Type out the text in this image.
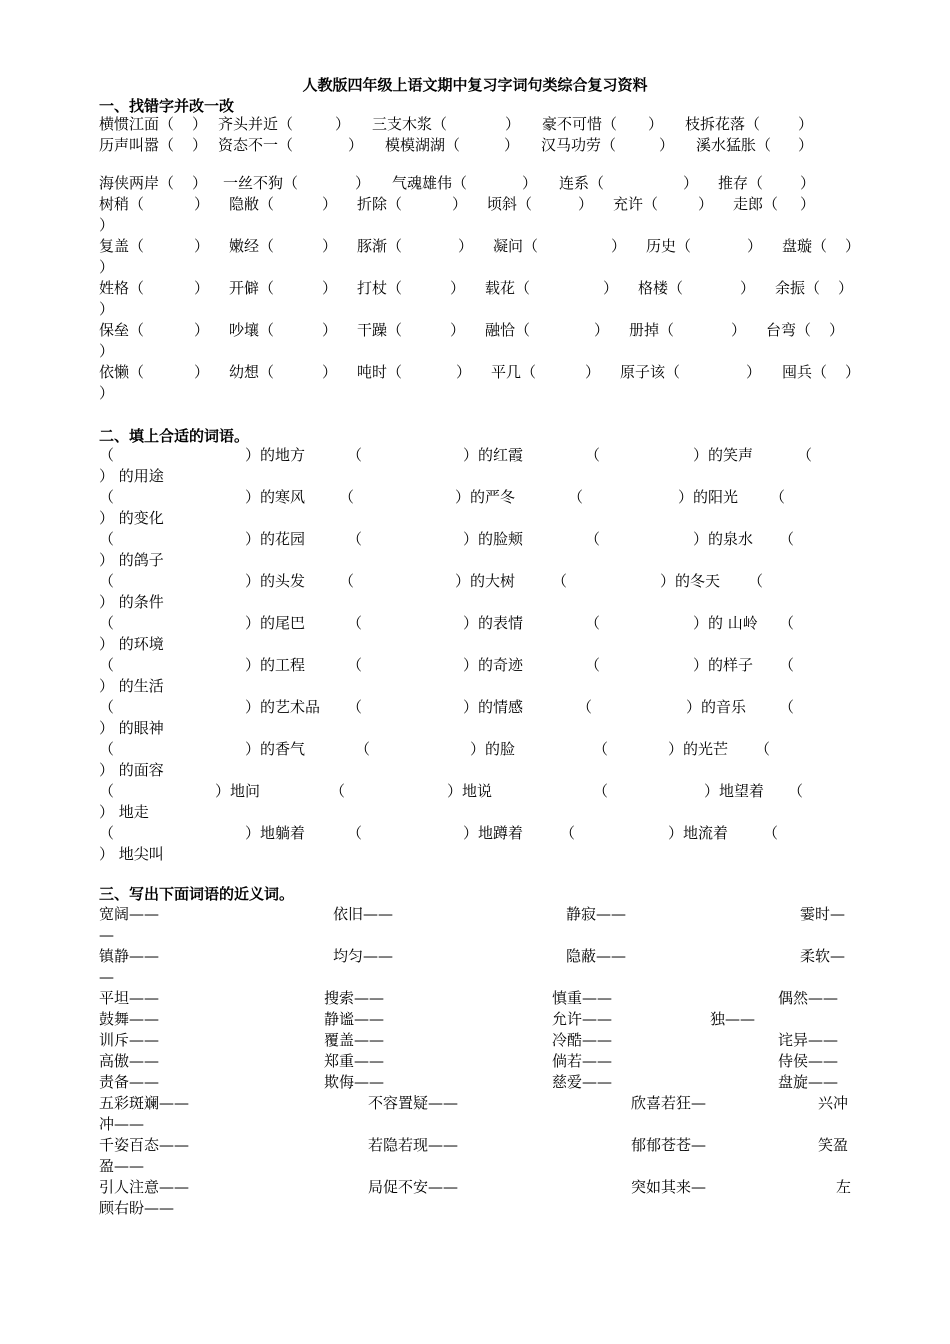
人教版四年级上语文期中复习字词句类综合复习资料
一、找错字并改一改
横惯江面（ ） 齐头并近（	） 三支木浆（	） 豪不可惜（ ） 枝拆花落（	）
历声叫嚣（ ） 资态不一（	） 模模湖湖（	） 汉马功劳（	） 溪水猛胀（ ）
海侠两岸（ ） 一丝不狗（	） 气魂雄伟（	） 连系（	） 推存（ ）
）
树稍（	） 隐敝（	） 折除（	） 顷斜（	） 充许（	） 走郎（ ）
）
复盖（	） 嫩经（	） 豚渐（	） 凝问（	） 历史（	） 盘璇（ ）
）
姓格（	） 开僻（	） 打杖（	） 载花（	） 格楼（	） 余振（ ）
）
保垒（	） 吵壤（	） 干躁（	） 融恰（	） 册掉（	） 台弯（ ）
）
依懒（	） 幼想（	） 吨时（	） 平几（	） 原子该（	） 囤兵（ ）
二、填上合适的词语。
（	）的地方	（	）的红霞	（	）的笑声	（
） 的用途
（	）的寒风 （	）的严冬	（	）的阳光 （
） 的变化
（	）的花园	（	）的脸颊	（	）的泉水 （
） 的鸽子
（	）的头发 （	）的大树 （	）的冬天 （
） 的条件
（	）的尾巴	（	）的表情	（	）的 山岭 （
） 的环境
（	）的工程	（	）的奇迹	（	）的样子 （
） 的生活
（	）的艺术品 （	）的情感	（	）的音乐 （
） 的眼神
（	）的香气	（	）的脸	（	）的光芒 （
） 的面容
（	）地问	（	）地说	（	）地望着 （
） 地走
（	）地躺着	（	）地蹲着 （	）地流着 （
） 地尖叫
三、写出下面词语的近义词。
宽阔——	依旧——	静寂——	霎时—
—
镇静——	均匀——	隐蔽——	柔软—
—
平坦——	搜索——	慎重——	偶然——
鼓舞——	静谧——	允许——	独——
训斥——	覆盖——	冷酷——	诧异——
高傲——	郑重——	倘若——	侍侯——
责备——	欺侮——	慈爱——	盘旋——
五彩斑斓——	不容置疑——	欣喜若狂—	兴冲
冲——
千姿百态——	若隐若现——	郁郁苍苍—	笑盈
盈——
引人注意——	局促不安——	突如其来—	左
顾右盼——
